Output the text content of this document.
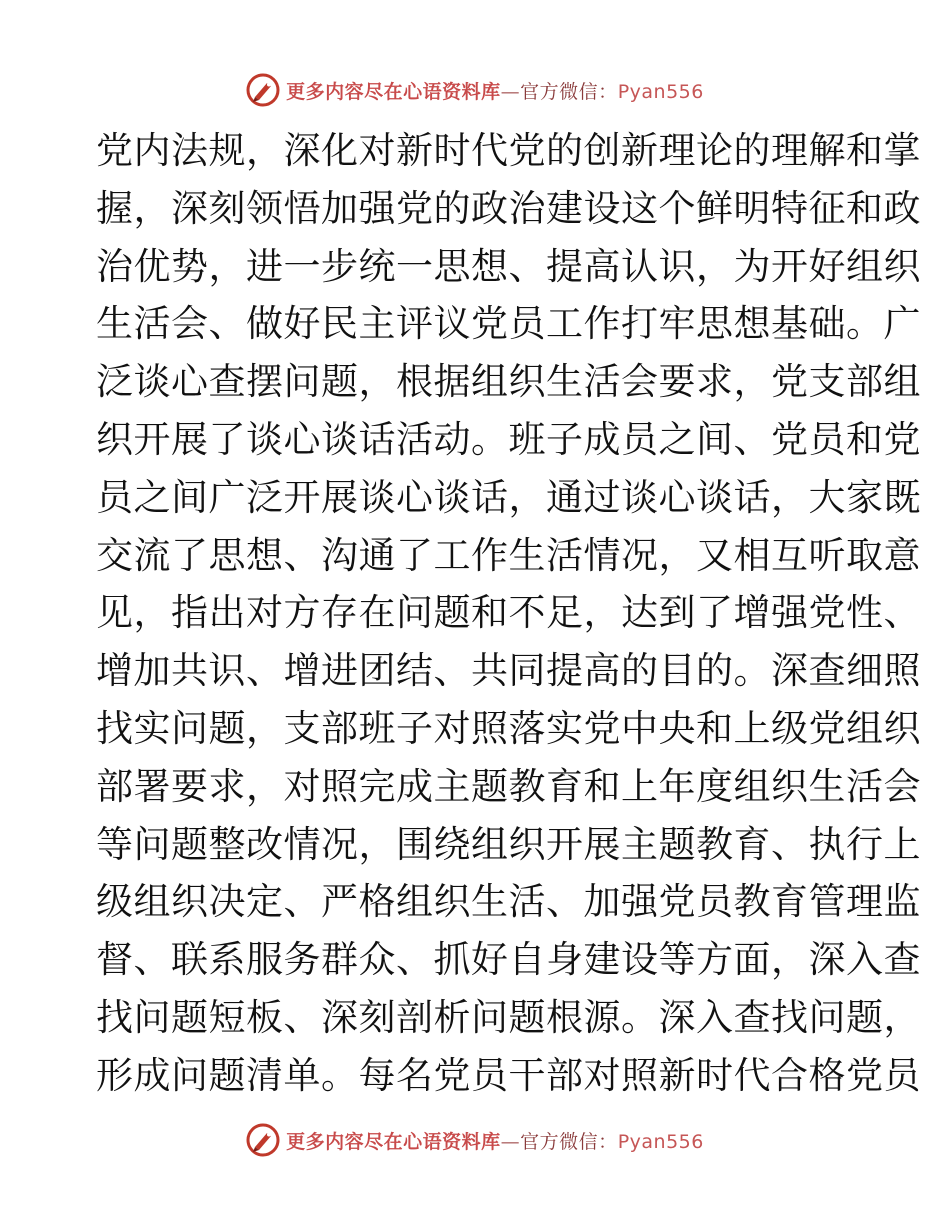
更多内容尽在心语资料库—官方微信：Pyan556
党内法规，深化对新时代党的创新理论的理解和掌
握，深刻领悟加强党的政治建设这个鲜明特征和政
治优势，进一步统一思想、提高认识，为开好组织
生活会、做好民主评议党员工作打牢思想基础。广
泛谈心查摆问题，根据组织生活会要求，党支部组
织开展了谈心谈话活动。班子成员之间、党员和党
员之间广泛开展谈心谈话，通过谈心谈话，大家既
交流了思想、沟通了工作生活情况，又相互听取意
见，指出对方存在问题和不足，达到了增强党性、
增加共识、增进团结、共同提高的目的。深查细照
找实问题，支部班子对照落实党中央和上级党组织
部署要求，对照完成主题教育和上年度组织生活会
等问题整改情况，围绕组织开展主题教育、执行上
级组织决定、严格组织生活、加强党员教育管理监
督、联系服务群众、抓好自身建设等方面，深入查
找问题短板、深刻剖析问题根源。深入查找问题，
形成问题清单。每名党员干部对照新时代合格党员
更多内容尽在心语资料库—官方微信：Pyan556
